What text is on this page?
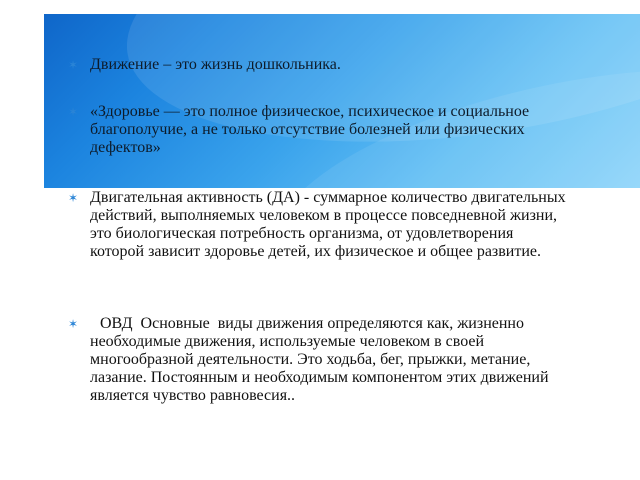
✶ Движение – это жизнь дошкольника.
✶ «Здоровье — это полное физическое, психическое и социальное благополучие, а не только отсутствие болезней или физических дефектов»
✶ Двигательная активность (ДА) - суммарное количество двигательных действий, выполняемых человеком в процессе повседневной жизни, это биологическая потребность организма, от удовлетворения которой зависит здоровье детей, их физическое и общее развитие.
✶ ОВД  Основные  виды движения определяются как, жизненно необходимые движения, используемые человеком в своей многообразной деятельности. Это ходьба, бег, прыжки, метание, лазание. Постоянным и необходимым компонентом этих движений является чувство равновесия..
